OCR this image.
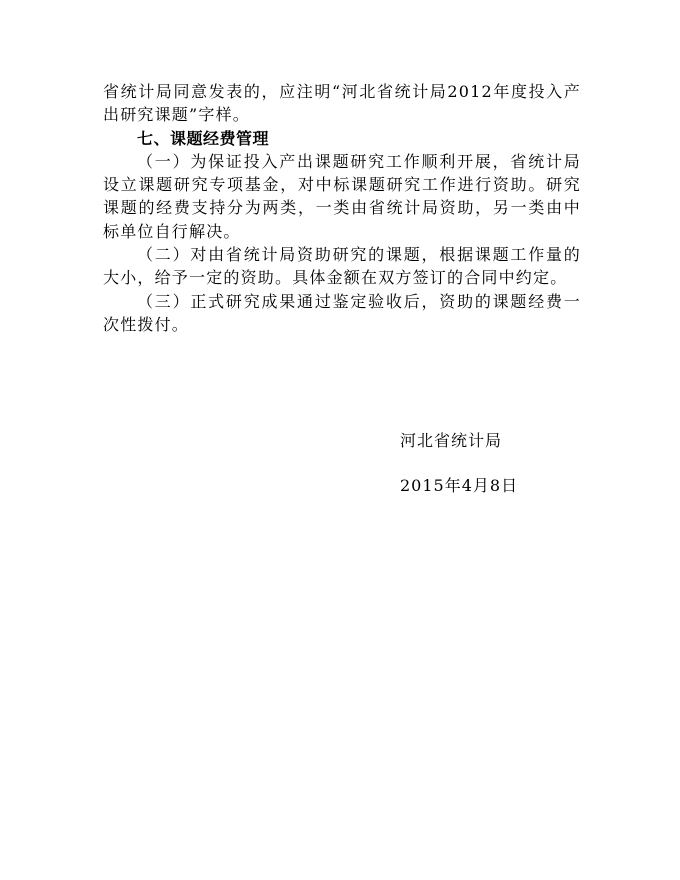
省统计局同意发表的，应注明“河北省统计局2012年度投入产出研究课题”字样。

七、课题经费管理

（一）为保证投入产出课题研究工作顺利开展，省统计局设立课题研究专项基金，对中标课题研究工作进行资助。研究课题的经费支持分为两类，一类由省统计局资助，另一类由中标单位自行解决。

（二）对由省统计局资助研究的课题，根据课题工作量的大小，给予一定的资助。具体金额在双方签订的合同中约定。

（三）正式研究成果通过鉴定验收后，资助的课题经费一次性拨付。

河北省统计局
2015年4月8日
